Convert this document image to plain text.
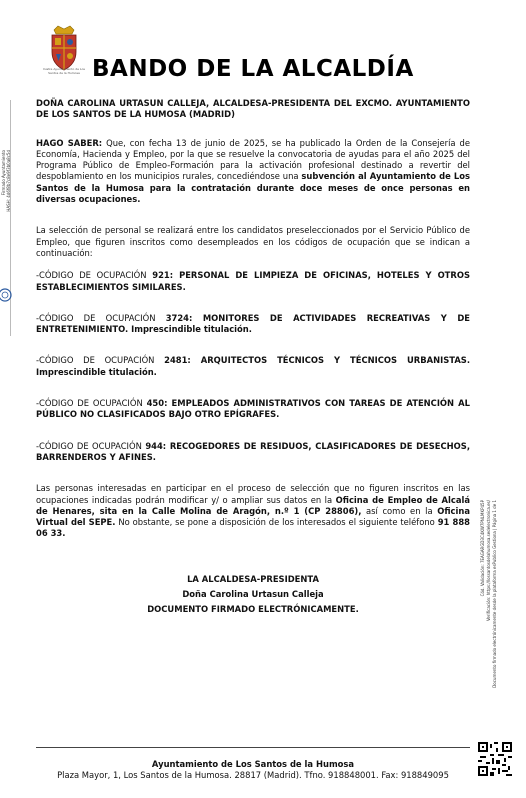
Firmado Ayuntamiento HASH: 4d6f8b7c8e9f3b0a8c5d
Ilustre Ayuntamiento de Los Santos de la Humosa BANDO DE LA ALCALDÍA

DOÑA CAROLINA URTASUN CALLEJA, ALCALDESA-PRESIDENTA DEL EXCMO. AYUNTAMIENTO DE LOS SANTOS DE LA HUMOSA (MADRID)

HAGO SABER: Que, con fecha 13 de junio de 2025, se ha publicado la Orden de la Consejería de Economía, Hacienda y Empleo, por la que se resuelve la convocatoria de ayudas para el año 2025 del Programa Público de Empleo-Formación para la activación profesional destinado a revertir del despoblamiento en los municipios rurales, concediéndose una subvención al Ayuntamiento de Los Santos de la Humosa para la contratación durante doce meses de once personas en diversas ocupaciones.

La selección de personal se realizará entre los candidatos preseleccionados por el Servicio Público de Empleo, que figuren inscritos como desempleados en los códigos de ocupación que se indican a continuación:

-CÓDIGO DE OCUPACIÓN 921: PERSONAL DE LIMPIEZA DE OFICINAS, HOTELES Y OTROS ESTABLECIMIENTOS SIMILARES.

-CÓDIGO DE OCUPACIÓN 3724: MONITORES DE ACTIVIDADES RECREATIVAS Y DE ENTRETENIMIENTO. Imprescindible titulación.

-CÓDIGO DE OCUPACIÓN 2481: ARQUITECTOS TÉCNICOS Y TÉCNICOS URBANISTAS. Imprescindible titulación.

-CÓDIGO DE OCUPACIÓN 450: EMPLEADOS ADMINISTRATIVOS CON TAREAS DE ATENCIÓN AL PÚBLICO NO CLASIFICADOS BAJO OTRO EPÍGRAFES.

-CÓDIGO DE OCUPACIÓN 944: RECOGEDORES DE RESIDUOS, CLASIFICADORES DE DESECHOS, BARRENDEROS Y AFINES.

Las personas interesadas en participar en el proceso de selección que no figuren inscritos en las ocupaciones indicadas podrán modificar y/ o ampliar sus datos en la Oficina de Empleo de Alcalá de Henares, sita en la Calle Molina de Aragón, n.º 1 (CP 28806), así como en la Oficina Virtual del SEPE. No obstante, se pone a disposición de los interesados el siguiente teléfono 91 888 06 33.

LA ALCALDESA-PRESIDENTA
Doña Carolina Urtasun Calleja
DOCUMENTO FIRMADO ELECTRÓNICAMENTE.
Cód. Validación: 7EAGARGD3C4KW7PNLMKP45P Verificación: https://lossantosdelahumosa.sedelectronica.es/ Documento firmado electrónicamente desde la plataforma esPublico Gestiona | Página 1 de 1
Ayuntamiento de Los Santos de la Humosa
Plaza Mayor, 1, Los Santos de la Humosa. 28817 (Madrid). Tfno. 918848001. Fax: 918849095
